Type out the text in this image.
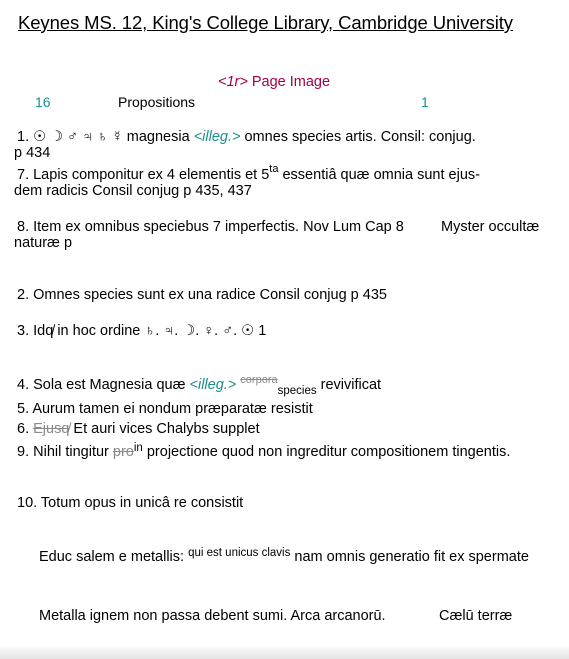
Keynes MS. 12, King's College Library, Cambridge University
<1r> Page Image
16	Propositions	1
1. ☉ ☽ ♂ ♃ ♄ ☿ magnesia <illeg.> omnes species artis. Consil: conjug.
p 434
7. Lapis componitur ex 4 elementis et $5^{ta}$ essentiâ quæ omnia sunt ejus-
dem radicis Consil conjug p 435, 437
8. Item ex omnibus speciebus 7 imperfectis. Nov Lum Cap 8	Myster occultæ
naturæ p
2. Omnes species sunt ex una radice Consil conjug p 435
3. Idq̸ in hoc ordine ♄. ♃. ☽. ♀. ♂. ☉ 1
4. Sola est Magnesia quæ <illeg.> $^{corpora}_{species}$ revivificat
5. Aurum tamen ei nondum præparatæ resistit
6. Ejusq̸ Et auri vices Chalybs supplet
9. Nihil tingitur pro$^{in}$ projectione quod non ingreditur compositionem tingentis.
10. Totum opus in unicâ re consistit
Educ salem e metallis: $^{qui est unicus clavis}$ nam omnis generatio fit ex spermate
Metalla ignem non passa debent sumi. Arca arcanorū.	Cælū terræ
